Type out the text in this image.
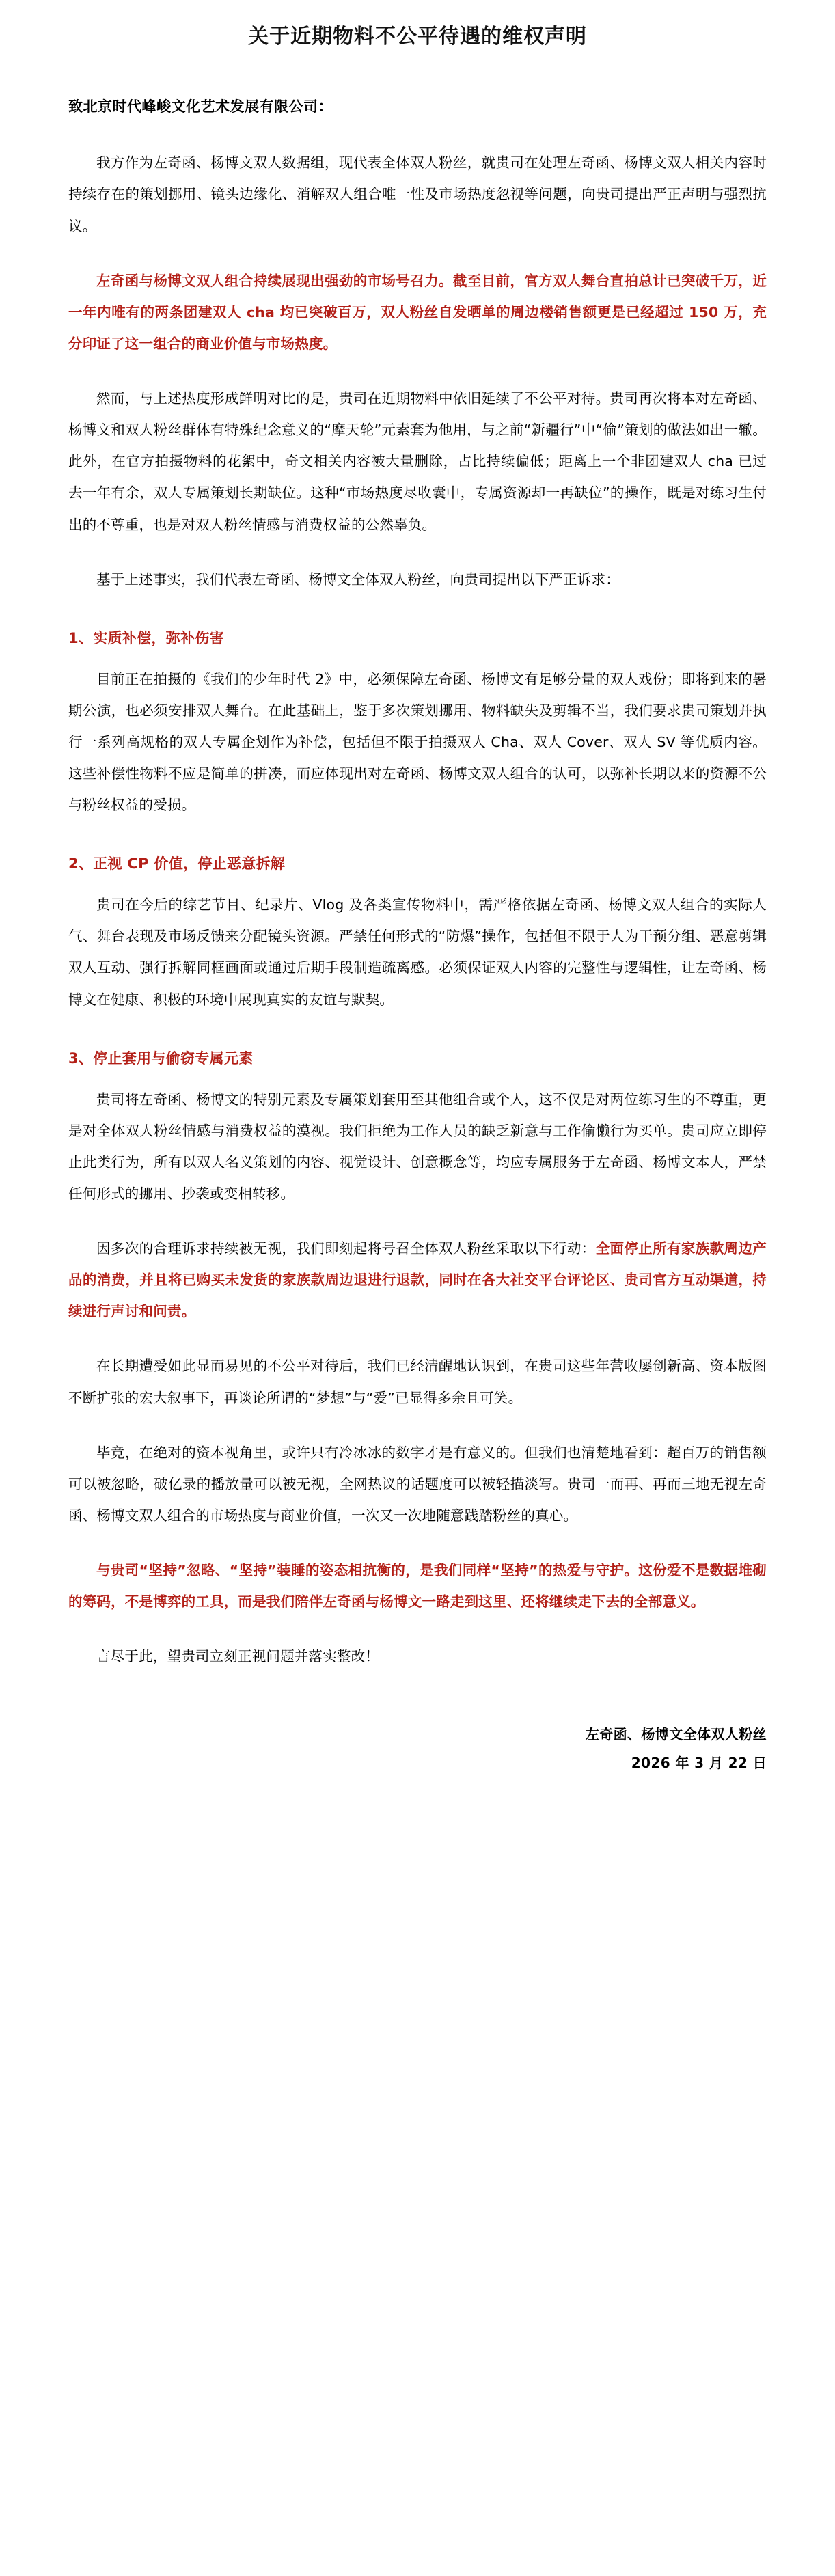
关于近期物料不公平待遇的维权声明
致北京时代峰峻文化艺术发展有限公司：

我方作为左奇函、杨博文双人数据组，现代表全体双人粉丝，就贵司在处理左奇函、杨博文双人相关内容时持续存在的策划挪用、镜头边缘化、消解双人组合唯一性及市场热度忽视等问题，向贵司提出严正声明与强烈抗议。

左奇函与杨博文双人组合持续展现出强劲的市场号召力。截至目前，官方双人舞台直拍总计已突破千万，近一年内唯有的两条团建双人 cha 均已突破百万，双人粉丝自发晒单的周边楼销售额更是已经超过 150 万，充分印证了这一组合的商业价值与市场热度。

然而，与上述热度形成鲜明对比的是，贵司在近期物料中依旧延续了不公平对待。贵司再次将本对左奇函、杨博文和双人粉丝群体有特殊纪念意义的“摩天轮”元素套为他用，与之前“新疆行”中“偷”策划的做法如出一辙。此外，在官方拍摄物料的花絮中，奇文相关内容被大量删除，占比持续偏低；距离上一个非团建双人 cha 已过去一年有余，双人专属策划长期缺位。这种“市场热度尽收囊中，专属资源却一再缺位”的操作，既是对练习生付出的不尊重，也是对双人粉丝情感与消费权益的公然辜负。

基于上述事实，我们代表左奇函、杨博文全体双人粉丝，向贵司提出以下严正诉求：

1、实质补偿，弥补伤害

目前正在拍摄的《我们的少年时代 2》中，必须保障左奇函、杨博文有足够分量的双人戏份；即将到来的暑期公演，也必须安排双人舞台。在此基础上，鉴于多次策划挪用、物料缺失及剪辑不当，我们要求贵司策划并执行一系列高规格的双人专属企划作为补偿，包括但不限于拍摄双人 Cha、双人 Cover、双人 SV 等优质内容。这些补偿性物料不应是简单的拼凑，而应体现出对左奇函、杨博文双人组合的认可，以弥补长期以来的资源不公与粉丝权益的受损。

2、正视 CP 价值，停止恶意拆解

贵司在今后的综艺节目、纪录片、Vlog 及各类宣传物料中，需严格依据左奇函、杨博文双人组合的实际人气、舞台表现及市场反馈来分配镜头资源。严禁任何形式的“防爆”操作，包括但不限于人为干预分组、恶意剪辑双人互动、强行拆解同框画面或通过后期手段制造疏离感。必须保证双人内容的完整性与逻辑性，让左奇函、杨博文在健康、积极的环境中展现真实的友谊与默契。

3、停止套用与偷窃专属元素

贵司将左奇函、杨博文的特别元素及专属策划套用至其他组合或个人，这不仅是对两位练习生的不尊重，更是对全体双人粉丝情感与消费权益的漠视。我们拒绝为工作人员的缺乏新意与工作偷懒行为买单。贵司应立即停止此类行为，所有以双人名义策划的内容、视觉设计、创意概念等，均应专属服务于左奇函、杨博文本人，严禁任何形式的挪用、抄袭或变相转移。

因多次的合理诉求持续被无视，我们即刻起将号召全体双人粉丝采取以下行动：全面停止所有家族款周边产品的消费，并且将已购买未发货的家族款周边退进行退款，同时在各大社交平台评论区、贵司官方互动渠道，持续进行声讨和问责。

在长期遭受如此显而易见的不公平对待后，我们已经清醒地认识到，在贵司这些年营收屡创新高、资本版图不断扩张的宏大叙事下，再谈论所谓的“梦想”与“爱”已显得多余且可笑。

毕竟，在绝对的资本视角里，或许只有冷冰冰的数字才是有意义的。但我们也清楚地看到：超百万的销售额可以被忽略，破亿录的播放量可以被无视，全网热议的话题度可以被轻描淡写。贵司一而再、再而三地无视左奇函、杨博文双人组合的市场热度与商业价值，一次又一次地随意践踏粉丝的真心。

与贵司“坚持”忽略、“坚持”装睡的姿态相抗衡的，是我们同样“坚持”的热爱与守护。这份爱不是数据堆砌的筹码，不是博弈的工具，而是我们陪伴左奇函与杨博文一路走到这里、还将继续走下去的全部意义。

言尽于此，望贵司立刻正视问题并落实整改！

左奇函、杨博文全体双人粉丝
2026 年 3 月 22 日
